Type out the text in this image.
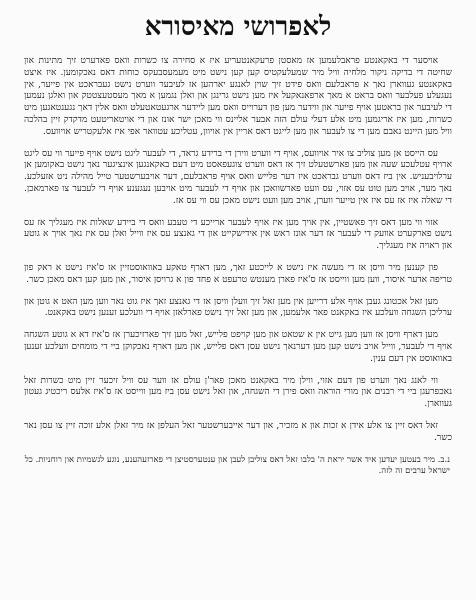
לאפרושי מאיסורא

אויסער די באקאנטע פראבלעמען אז מאסטן פרעקאנטעריע איז א סחירה צו כשרות וואס פאדערט זיך מתינות און שחיטה די בדיקה ניקור מלחיה וויל מיר שמעלעקטיס קען קען נישט מיט מעמעסבעקס כוחות דאס נאכקומען. איז איצט באקאנטע געווארן נאך א פראבלעם וואס פידט זיך שוין לאנגע יארהען אז לעיבער ווערט נישט געבראכט אין פייער, אין נעגעלע פעלבער וואס בראט א מאך ארפאנאקעל איז מען נישט גרינגן און ואלן נגמען א מאך מעסטעצטטק און ואלגן נעמען די לעיבער און בראטען אויף פייער און ווידער מען פון דערוייס וואס מען ליידער ארגעטאטעלט וואס אלין דאך נגענטאגען מיט כשרות, מען איז אריגמען מיט אלע דעלי עולם הזה אבער אליינס ווי מאכן ישר אונז און די אויטאריטעט מדקדק זיין בהלכה וויל מען היינט נאבם מען די צו לעבער און מען לייגט דאס אריין אין אויוון, עטליכע עטוואר אפי איז אלעקטריש אויוועס.

עס הייסט אן מען צוליב צו איר אויוועס, אויף די ווערט ווירן די ברידע גראד, די לעבער ליגט נישט אויף פייער ווי עס ליגט ארויף עטלעכע שעה און מען פארשטעלט זיך אז דאס ווערט צוגעפאסט מיט דעם באקאנגען אינציגער נאך נישט באקומען אן ערלויבעניש. אין ביז דאס ווערט גבראכט איז דער פלייש וואס אויף פראבלעם, דער אויבערשטער טייל מהילה ניט אזעלכע. נאך מער, אויב מען טוט עס אזוי, עס וועט פארשוואכן און אויף די לעבער מיט אויבען נעגענע אויף די לעבער צו פארמאכן. די שאלה איז אז עס איז אין טייער ווערן, אויב מען וועט נישט מאכן עס ווי עס אז.

אזוי ווי מען דאס זיך פאשטיין, אין אויך מען איז אויף לעבער ארייכע די טעבע וואס די ביידע שאלות איז מעגליך אז עס נישט פארקערט אוועק די לעבער אז דער אונז ראש אין אידישקייט און די גאנצע עס איז ווייל ואלן עס איז נאך אויך א גוטע און ראויה איז מעגליך.

פון קענען מיר וויסן אז די מעשה איז נישט א לייכטע זאך, מען דארף טאקע באוואוסטזיין אז ס'איז נישט א ראק פון טריפה אדער איסור, ווען מען ווייסט אז ס'איז פארן מענטש טרעפט א פחד פון א גרויסן איסור, און מען קען דאס מאכן כשר.

מען זאל אכטונג געבן אויף אלע דרייען אין מען זאל זיך וועלן וויסן אז די גאנצע זאך איז גוט נאר ווען מען האט א גוטן און ערליכן השגחה וועלכע איז באקאנט פאר אלעמען, און מען זאל זיך נישט פארלאזן אויף די וועלכע זענען נישט באקאנט.

מען דארף וויסן אז ווען מען גייט אין א שטאט און מען קויפט פלייש, זאל מען זיך פארזיכערן אז ס'איז דא א גוטע השגחה אויף די לעבער, ווייל אויב נישט קען מען דערנאך נישט עסן דאס פלייש, און מען דארף נאכקוקן ביי די מומחים וועלכע זענען באוואוסט אין דעם ענין.

ווי לאנג נאך ווערט פון דעם אזוי, ווילן מיר באקאנט מאכן פאר'ן עולם אז ווער עס וויל זיכער זיין מיט כשרות זאל נאכפרעגן ביי די רבנים און מורי הוראה וואס פירן די השגחה, און זאל נישט עסן ביז מען ווייסט אז ס'איז אלעס ריכטיג געטון געווארן.

זאל דאס זיין צו אלע אידן א זכות און א מזכיר, און דער אייבערשטער זאל העלפן אז מיר זאלן אלע זוכה זיין צו עסן נאר כשר.

נ.ב. מיר בעטען יעדען איד אשר יראת ה' בלבו זאל דאס צוליבן לעבן און ענטערסטיצן די פארזעהענע, נוגע לגשמיות און רוחניות. כל ישראל ערבים זה לזה.
